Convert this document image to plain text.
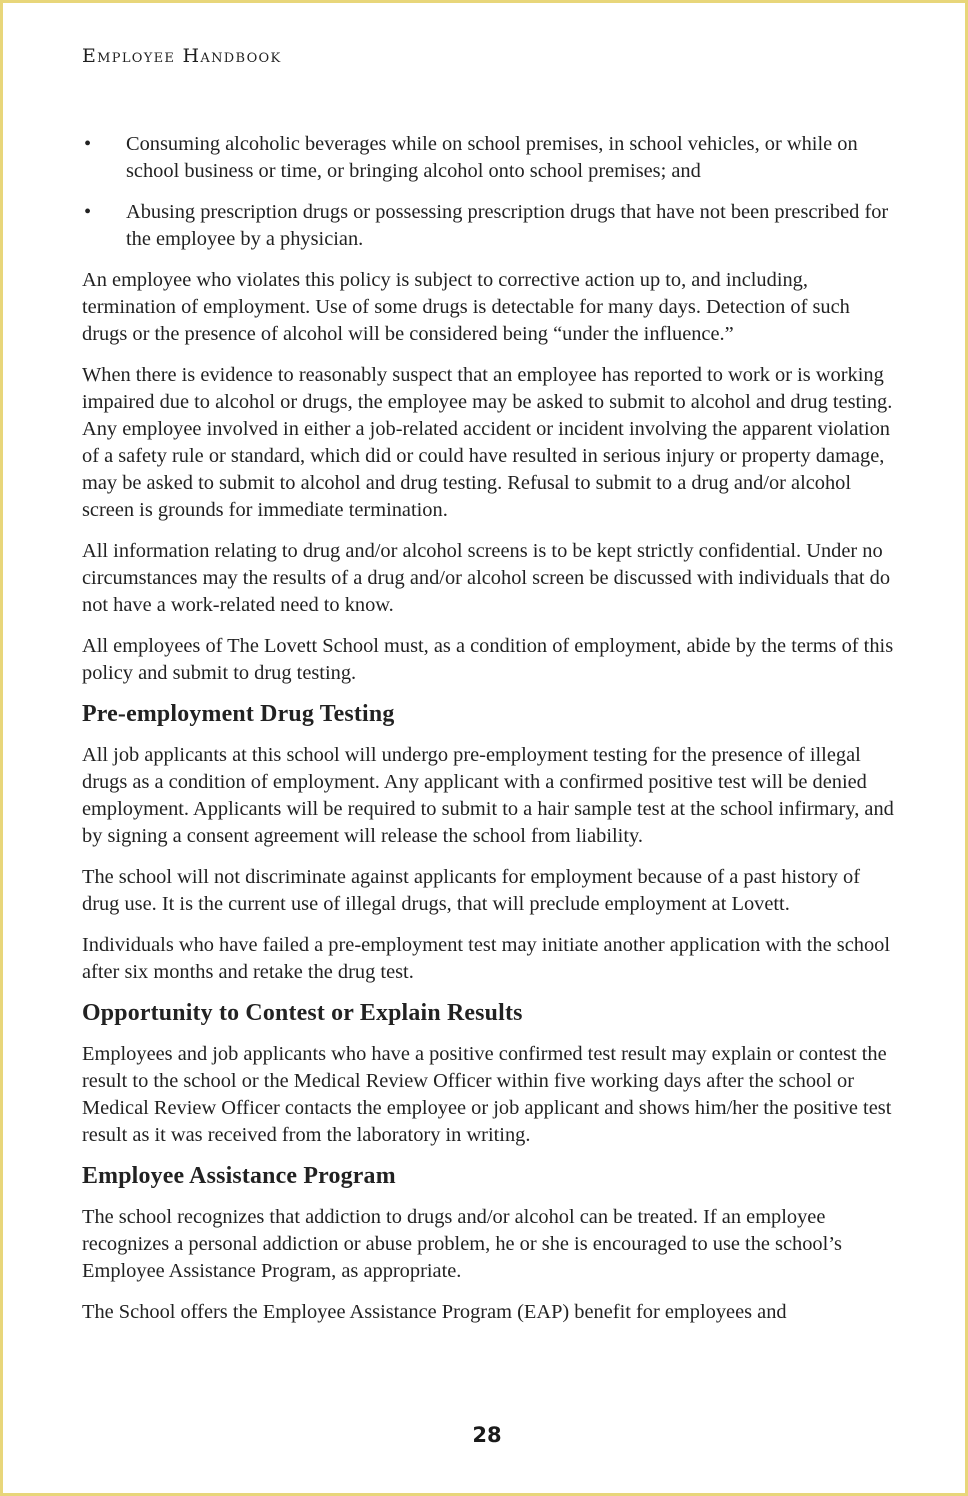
Employee Handbook
• Consuming alcoholic beverages while on school premises, in school vehicles, or while on school business or time, or bringing alcohol onto school premises; and
• Abusing prescription drugs or possessing prescription drugs that have not been prescribed for the employee by a physician.

An employee who violates this policy is subject to corrective action up to, and including, termination of employment. Use of some drugs is detectable for many days. Detection of such drugs or the presence of alcohol will be considered being “under the influence.”

When there is evidence to reasonably suspect that an employee has reported to work or is working impaired due to alcohol or drugs, the employee may be asked to submit to alcohol and drug testing. Any employee involved in either a job-related accident or incident involving the apparent violation of a safety rule or standard, which did or could have resulted in serious injury or property damage, may be asked to submit to alcohol and drug testing. Refusal to submit to a drug and/or alcohol screen is grounds for immediate termination.

All information relating to drug and/or alcohol screens is to be kept strictly confidential. Under no circumstances may the results of a drug and/or alcohol screen be discussed with individuals that do not have a work-related need to know.

All employees of The Lovett School must, as a condition of employment, abide by the terms of this policy and submit to drug testing.

Pre-employment Drug Testing

All job applicants at this school will undergo pre-employment testing for the presence of illegal drugs as a condition of employment. Any applicant with a confirmed positive test will be denied employment. Applicants will be required to submit to a hair sample test at the school infirmary, and by signing a consent agreement will release the school from liability.

The school will not discriminate against applicants for employment because of a past history of drug use. It is the current use of illegal drugs, that will preclude employment at Lovett.

Individuals who have failed a pre-employment test may initiate another application with the school after six months and retake the drug test.

Opportunity to Contest or Explain Results

Employees and job applicants who have a positive confirmed test result may explain or contest the result to the school or the Medical Review Officer within five working days after the school or Medical Review Officer contacts the employee or job applicant and shows him/her the positive test result as it was received from the laboratory in writing.

Employee Assistance Program

The school recognizes that addiction to drugs and/or alcohol can be treated. If an employee recognizes a personal addiction or abuse problem, he or she is encouraged to use the school’s Employee Assistance Program, as appropriate.

The School offers the Employee Assistance Program (EAP) benefit for employees and

28
